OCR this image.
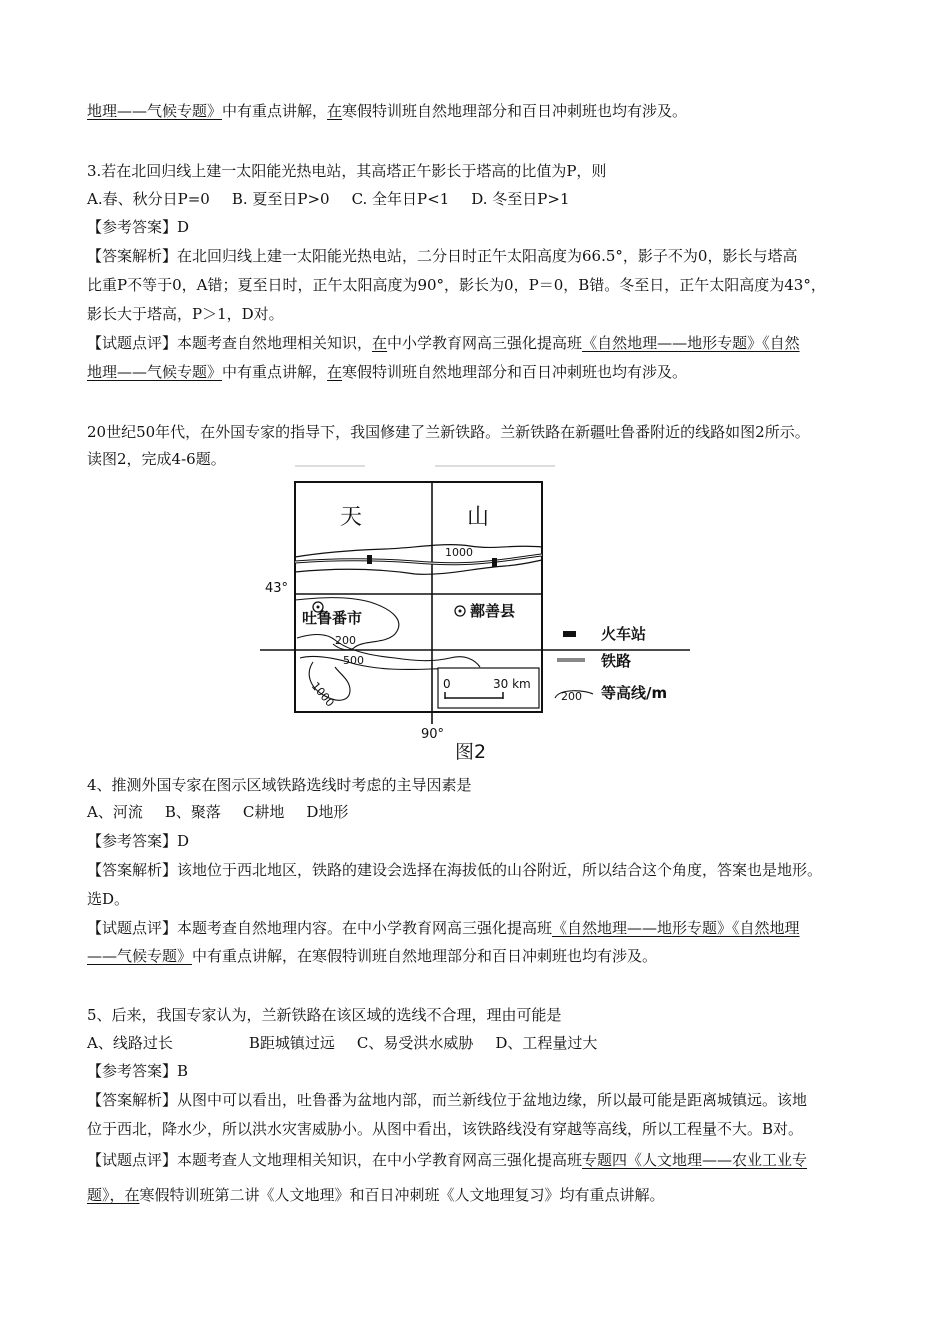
地理——气候专题》中有重点讲解，在寒假特训班自然地理部分和百日冲刺班也均有涉及。
3.若在北回归线上建一太阳能光热电站，其高塔正午影长于塔高的比值为P，则
A.春、秋分日P=0 B. 夏至日P>0 C. 全年日P<1 D. 冬至日P>1
【参考答案】D
【答案解析】在北回归线上建一太阳能光热电站，二分日时正午太阳高度为66.5°，影子不为0，影长与塔高
比重P不等于0，A错；夏至日时，正午太阳高度为90°，影长为0，P＝0，B错。冬至日，正午太阳高度为43°，
影长大于塔高，P＞1，D对。
【试题点评】本题考查自然地理相关知识，在中小学教育网高三强化提高班《自然地理——地形专题》《自然
地理——气候专题》中有重点讲解，在寒假特训班自然地理部分和百日冲刺班也均有涉及。
20世纪50年代，在外国专家的指导下，我国修建了兰新铁路。兰新铁路在新疆吐鲁番附近的线路如图2所示。
读图2，完成4-6题。
天	山
1000
43°
90°
吐鲁番市	鄯善县
200
500
1000	0	30 km
火车站
铁路
200 等高线/m
图2
4、推测外国专家在图示区域铁路选线时考虑的主导因素是
A、河流 B、聚落 C耕地 D地形
【参考答案】D
【答案解析】该地位于西北地区，铁路的建设会选择在海拔低的山谷附近，所以结合这个角度，答案也是地形。
选D。
【试题点评】本题考查自然地理内容。在中小学教育网高三强化提高班《自然地理——地形专题》《自然地理
——气候专题》中有重点讲解，在寒假特训班自然地理部分和百日冲刺班也均有涉及。
5、后来，我国专家认为，兰新铁路在该区域的选线不合理，理由可能是
A、线路过长	B距城镇过远 C、易受洪水威胁 D、工程量过大
【参考答案】B
【答案解析】从图中可以看出，吐鲁番为盆地内部，而兰新线位于盆地边缘，所以最可能是距离城镇远。该地
位于西北，降水少，所以洪水灾害威胁小。从图中看出，该铁路线没有穿越等高线，所以工程量不大。B对。
【试题点评】本题考查人文地理相关知识，在中小学教育网高三强化提高班专题四《人文地理——农业工业专
题》，在寒假特训班第二讲《人文地理》和百日冲刺班《人文地理复习》均有重点讲解。
